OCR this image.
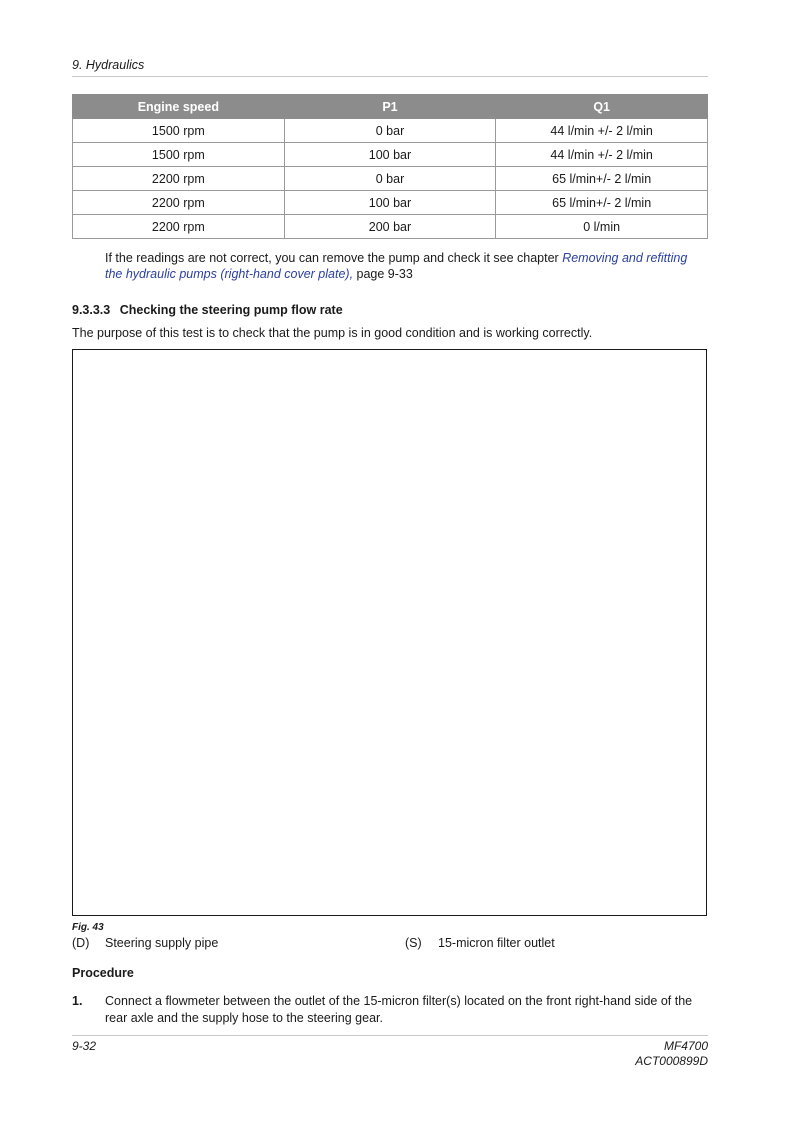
9. Hydraulics
Engine speed	P1	Q1
1500 rpm	0 bar	44 l/min +/- 2 l/min
1500 rpm	100 bar	44 l/min +/- 2 l/min
2200 rpm	0 bar	65 l/min+/- 2 l/min
2200 rpm	100 bar	65 l/min+/- 2 l/min
2200 rpm	200 bar	0 l/min
If the readings are not correct, you can remove the pump and check it see chapter Removing and refitting the hydraulic pumps (right-hand cover plate), page 9-33
9.3.3.3 Checking the steering pump flow rate
The purpose of this test is to check that the pump is in good condition and is working correctly.
Fig. 43
(D) Steering supply pipe	(S) 15-micron filter outlet
Procedure
1. Connect a flowmeter between the outlet of the 15-micron filter(s) located on the front right-hand side of the rear axle and the supply hose to the steering gear.
9-32	MF4700
ACT000899D
